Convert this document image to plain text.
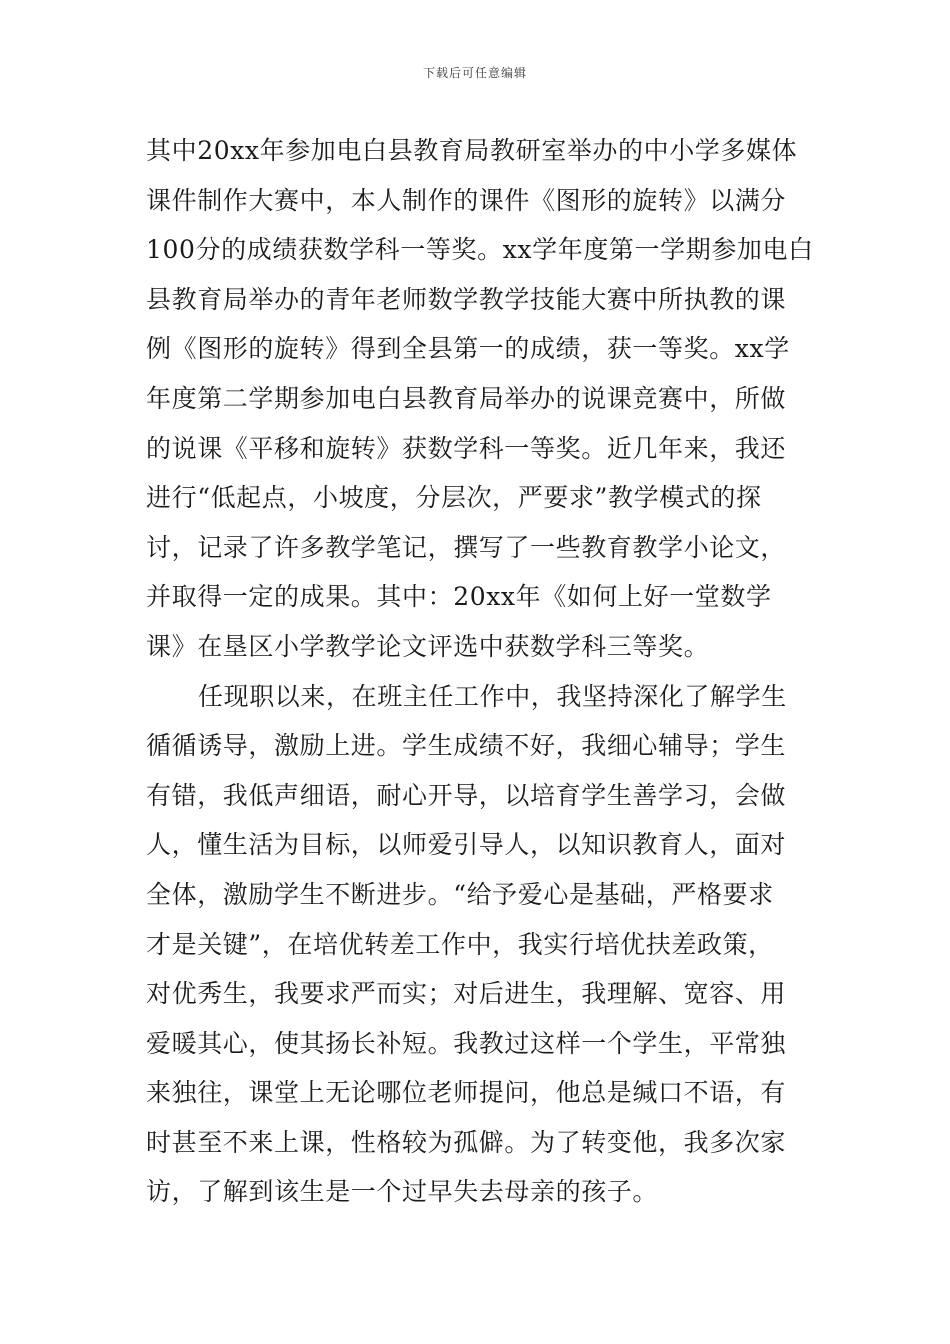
下载后可任意编辑
其中20xx年参加电白县教育局教研室举办的中小学多媒体
课件制作大赛中，本人制作的课件《图形的旋转》以满分
100分的成绩获数学科一等奖。xx学年度第一学期参加电白
县教育局举办的青年老师数学教学技能大赛中所执教的课
例《图形的旋转》得到全县第一的成绩，获一等奖。xx学
年度第二学期参加电白县教育局举办的说课竞赛中，所做
的说课《平移和旋转》获数学科一等奖。近几年来，我还
进行“低起点，小坡度，分层次，严要求”教学模式的探
讨，记录了许多教学笔记，撰写了一些教育教学小论文，
并取得一定的成果。其中：20xx年《如何上好一堂数学
课》在垦区小学教学论文评选中获数学科三等奖。
任现职以来，在班主任工作中，我坚持深化了解学生
循循诱导，激励上进。学生成绩不好，我细心辅导；学生
有错，我低声细语，耐心开导，以培育学生善学习，会做
人，懂生活为目标，以师爱引导人，以知识教育人，面对
全体，激励学生不断进步。“给予爱心是基础，严格要求
才是关键”，在培优转差工作中，我实行培优扶差政策，
对优秀生，我要求严而实；对后进生，我理解、宽容、用
爱暖其心，使其扬长补短。我教过这样一个学生，平常独
来独往，课堂上无论哪位老师提问，他总是缄口不语，有
时甚至不来上课，性格较为孤僻。为了转变他，我多次家
访，了解到该生是一个过早失去母亲的孩子。
